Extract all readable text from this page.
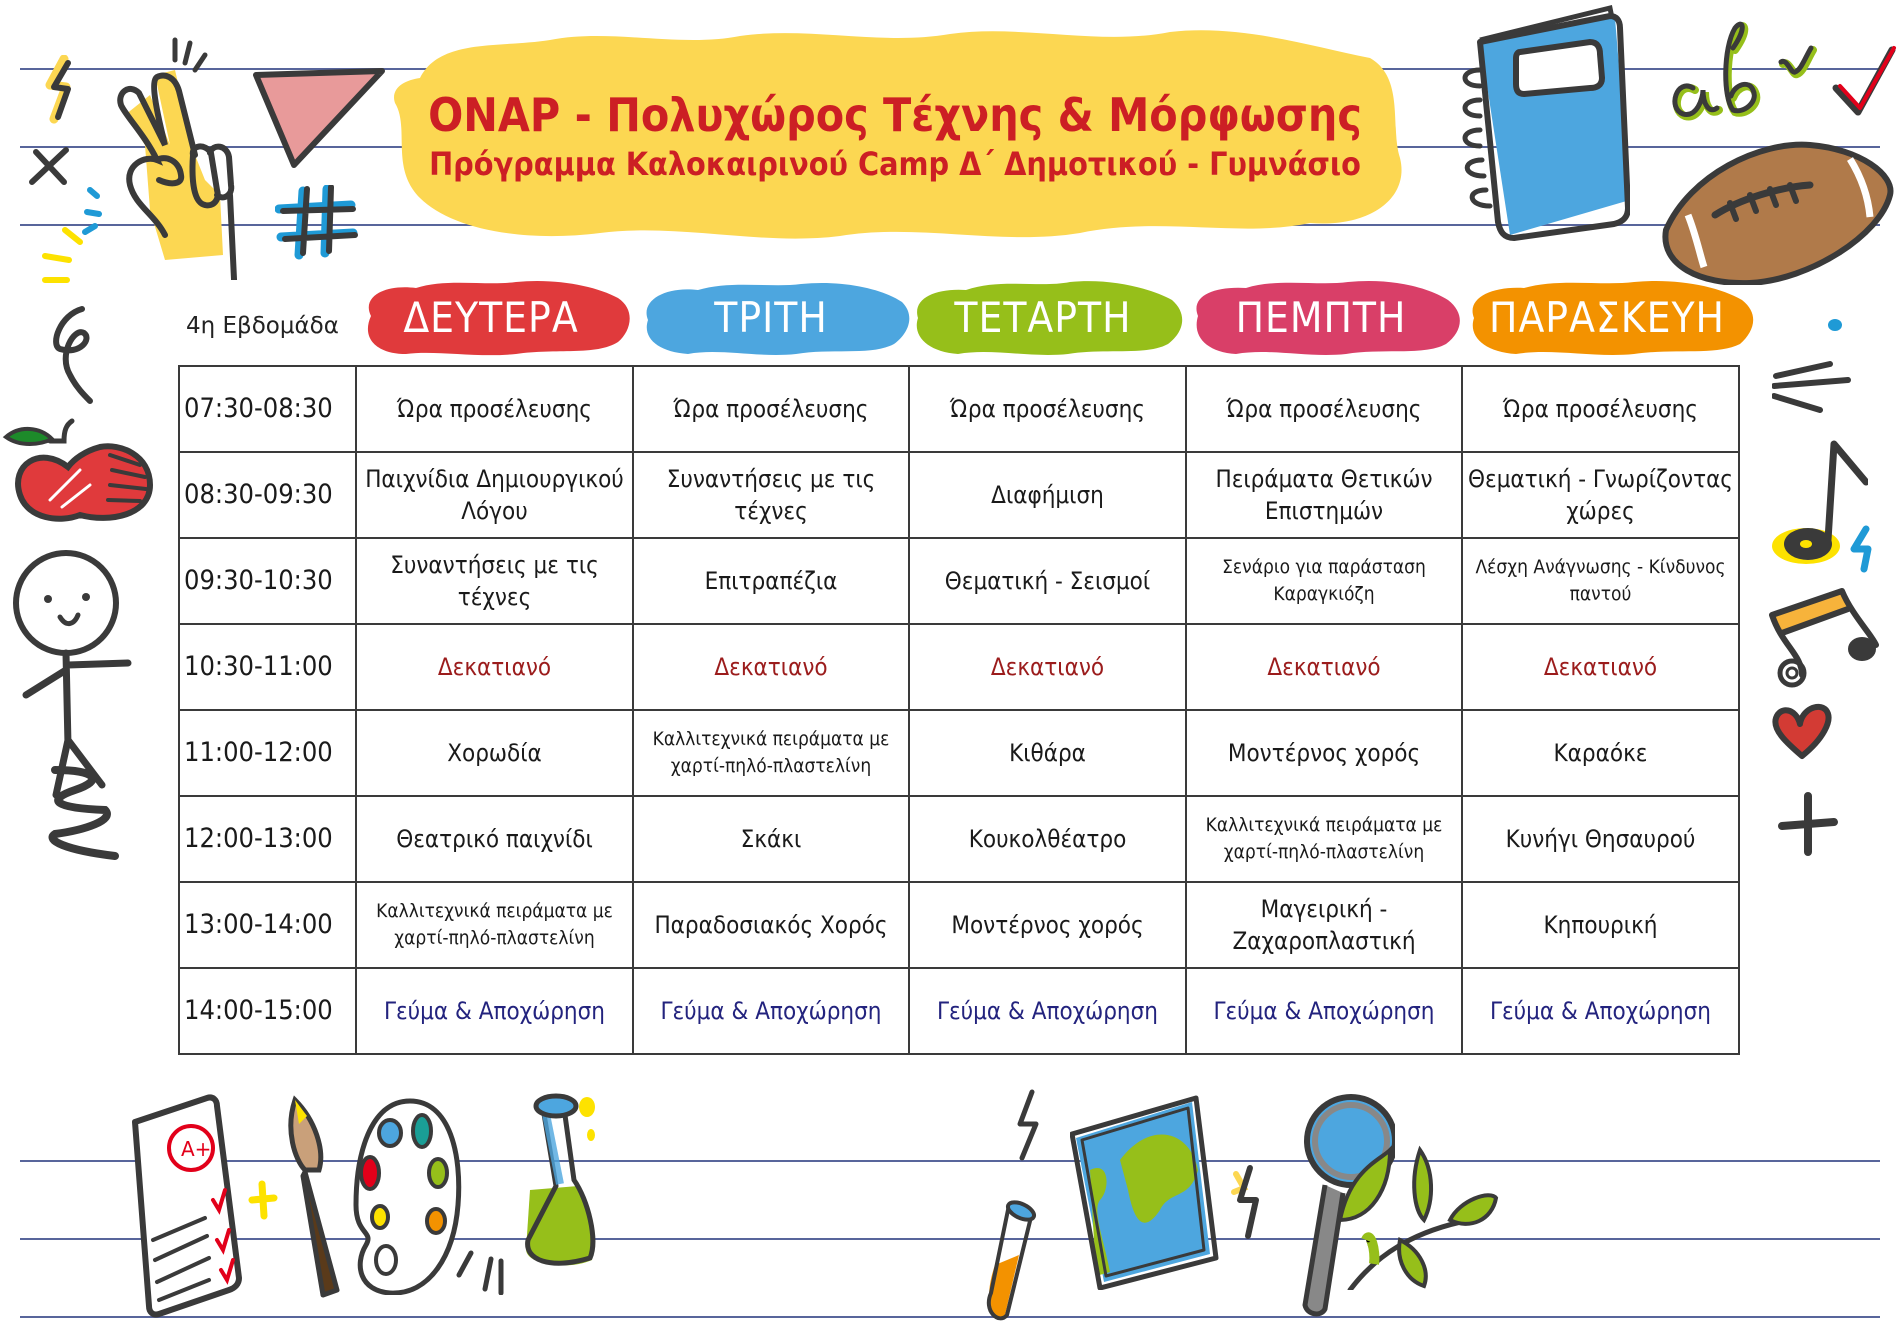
ΟΝΑΡ - Πολυχώρος Τέχνης & Μόρφωσης
Πρόγραμμα Καλοκαιρινού Camp Δ΄ Δημοτικού - Γυμνάσιο
4η Εβδομάδα	ΔΕΥΤΕΡΑ	ΤΡΙΤΗ	ΤΕΤΑΡΤΗ	ΠΕΜΠΤΗ	ΠΑΡΑΣΚΕΥΗ
07:30-08:30	Ώρα προσέλευσης	Ώρα προσέλευσης	Ώρα προσέλευσης	Ώρα προσέλευσης	Ώρα προσέλευσης
08:30-09:30	Παιχνίδια Δημιουργικού Λόγου	Συναντήσεις με τις τέχνες	Διαφήμιση	Πειράματα Θετικών Επιστημών	Θεματική - Γνωρίζοντας χώρες
09:30-10:30	Συναντήσεις με τις τέχνες	Επιτραπέζια	Θεματική - Σεισμοί	Σενάριο για παράσταση Καραγκιόζη	Λέσχη Ανάγνωσης - Κίνδυνος παντού
10:30-11:00	Δεκατιανό	Δεκατιανό	Δεκατιανό	Δεκατιανό	Δεκατιανό
11:00-12:00	Χορωδία	Καλλιτεχνικά πειράματα με χαρτί-πηλό-πλαστελίνη	Κιθάρα	Μοντέρνος χορός	Καραόκε
12:00-13:00	Θεατρικό παιχνίδι	Σκάκι	Κουκολθέατρο	Καλλιτεχνικά πειράματα με χαρτί-πηλό-πλαστελίνη	Κυνήγι Θησαυρού
13:00-14:00	Καλλιτεχνικά πειράματα με χαρτί-πηλό-πλαστελίνη	Παραδοσιακός Χορός	Μοντέρνος χορός	Μαγειρική - Ζαχαροπλαστική	Κηπουρική
14:00-15:00	Γεύμα & Αποχώρηση	Γεύμα & Αποχώρηση	Γεύμα & Αποχώρηση	Γεύμα & Αποχώρηση	Γεύμα & Αποχώρηση
A+
